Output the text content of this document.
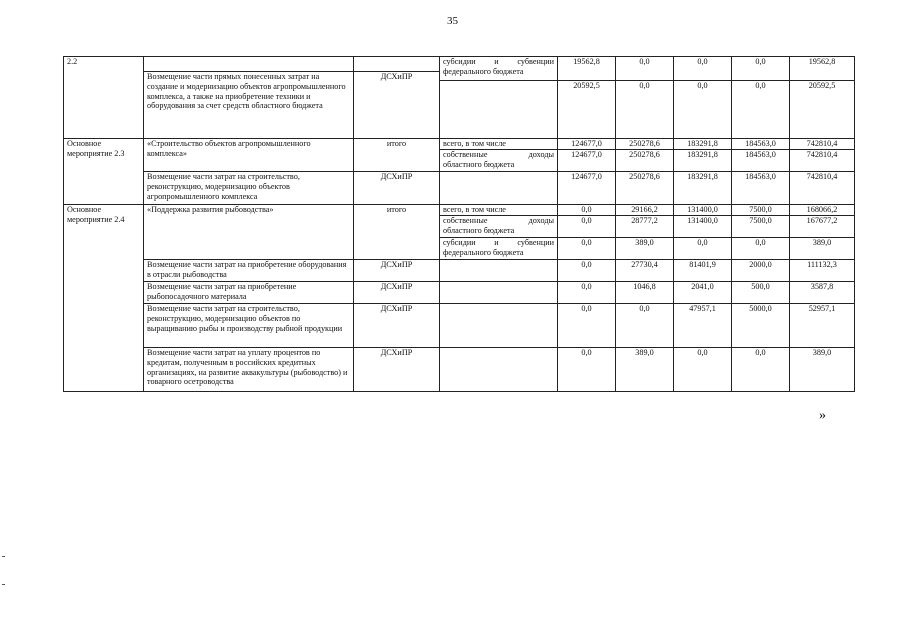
35
2.2	Возмещение части прямых понесенных затрат на создание и модернизацию объектов агропромышленного комплекса, а также на приобретение техники и оборудования за счет средств областного бюджета	ДСХиПР	субсидии и субвенции федерального бюджета	19562,8	0,0	0,0	0,0	19562,8
				20592,5	0,0	0,0	0,0	20592,5
Основное мероприятие 2.3	«Строительство объектов агропромышленного комплекса»	итого	всего, в том числе	124677,0	250278,6	183291,8	184563,0	742810,4
			собственные доходы областного бюджета	124677,0	250278,6	183291,8	184563,0	742810,4
	Возмещение части затрат на строительство, реконструкцию, модернизацию объектов агропромышленного комплекса	ДСХиПР		124677,0	250278,6	183291,8	184563,0	742810,4
Основное мероприятие 2.4	«Поддержка развития рыбоводства»	итого	всего, в том числе	0,0	29166,2	131400,0	7500,0	168066,2
			собственные доходы областного бюджета	0,0	28777,2	131400,0	7500,0	167677,2
			субсидии и субвенции федерального бюджета	0,0	389,0	0,0	0,0	389,0
	Возмещение части затрат на приобретение оборудования в отрасли рыбоводства	ДСХиПР		0,0	27730,4	81401,9	2000,0	111132,3
	Возмещение части затрат на приобретение рыбопосадочного материала	ДСХиПР		0,0	1046,8	2041,0	500,0	3587,8
	Возмещение части затрат на строительство, реконструкцию, модернизацию объектов по выращиванию рыбы и производству рыбной продукции	ДСХиПР		0,0	0,0	47957,1	5000,0	52957,1
	Возмещение части затрат на уплату процентов по кредитам, полученным в российских кредитных организациях, на развитие аквакультуры (рыбоводство) и товарного осетроводства	ДСХиПР		0,0	389,0	0,0	0,0	389,0
»
